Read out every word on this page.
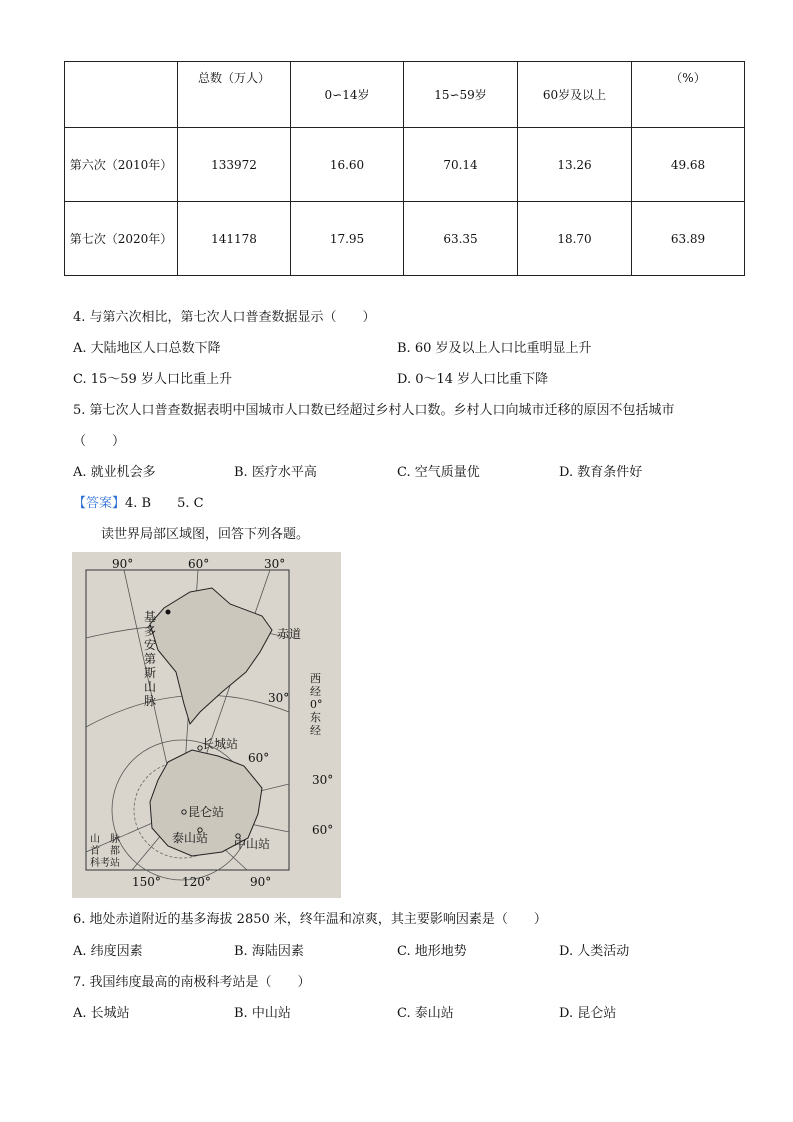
	总数（万人）	0∽14岁	15∽59岁	60岁及以上	（%）
第六次（2010年）	133972	16.60	70.14	13.26	49.68
第七次（2020年）	141178	17.95	63.35	18.70	63.89
4. 与第六次相比，第七次人口普查数据显示（　　）
A. 大陆地区人口总数下降	B. 60 岁及以上人口比重明显上升
C. 15～59 岁人口比重上升	D. 0～14 岁人口比重下降
5. 第七次人口普查数据表明中国城市人口数已经超过乡村人口数。乡村人口向城市迁移的原因不包括城市
（　　）
A. 就业机会多	B. 医疗水平高	C. 空气质量优	D. 教育条件好
【答案】4. B　　5. C
读世界局部区域图，回答下列各题。
90°	60°	30°
赤道
30°
60°
30°
60°
长城站
昆仑站
泰山站 中山站
150° 120°	90°
山　脉
首　都
科考站
基多安第斯山脉
西经0°东经
6. 地处赤道附近的基多海拔 2850 米，终年温和凉爽，其主要影响因素是（　　）
A. 纬度因素	B. 海陆因素	C. 地形地势	D. 人类活动
7. 我国纬度最高的南极科考站是（　　）
A. 长城站	B. 中山站	C. 泰山站	D. 昆仑站
